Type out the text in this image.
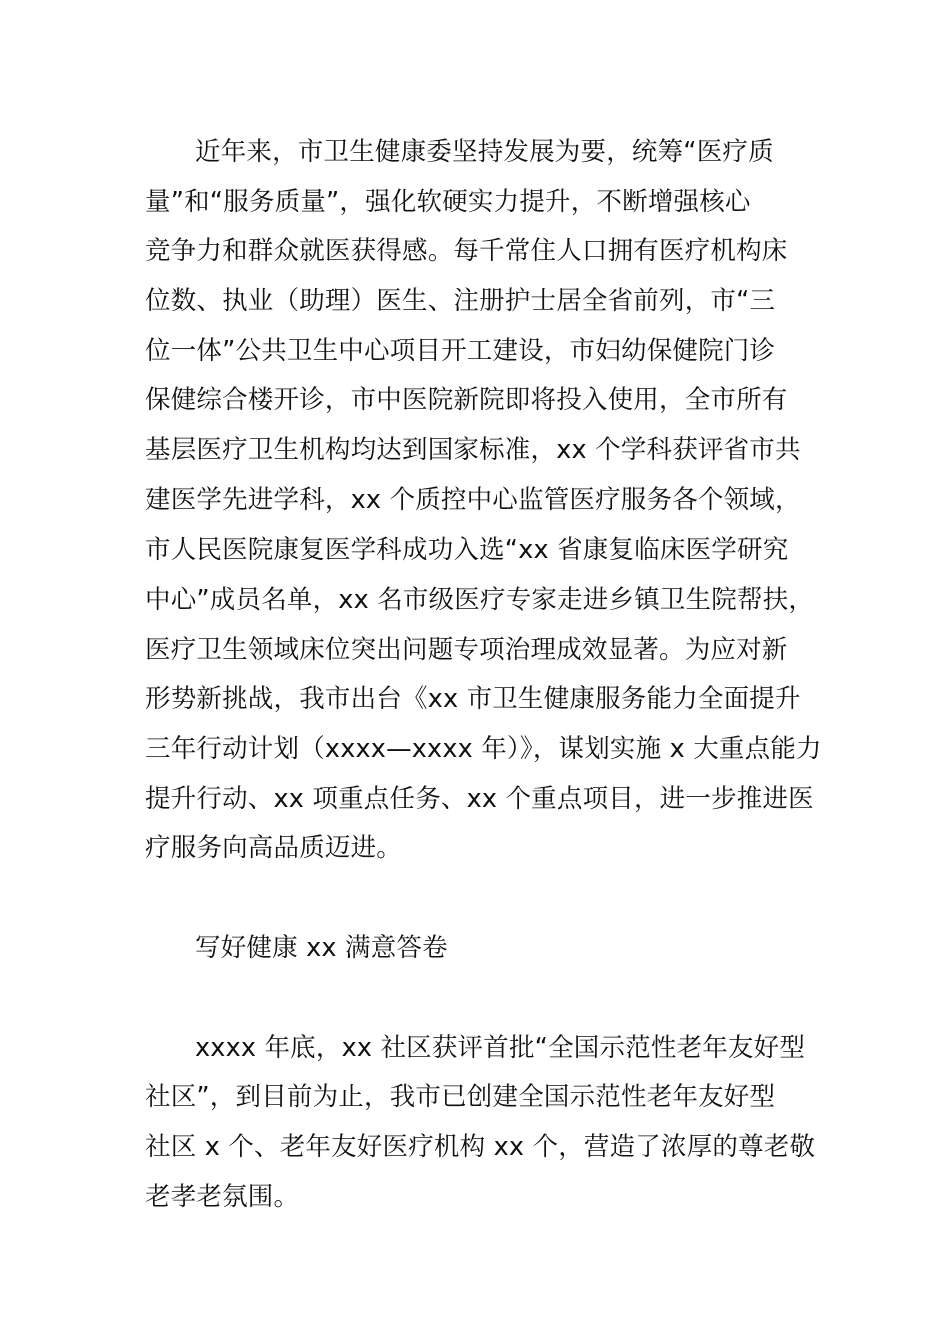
近年来，市卫生健康委坚持发展为要，统筹“医疗质
量”和“服务质量”，强化软硬实力提升，不断增强核心
竞争力和群众就医获得感。每千常住人口拥有医疗机构床
位数、执业（助理）医生、注册护士居全省前列，市“三
位一体”公共卫生中心项目开工建设，市妇幼保健院门诊
保健综合楼开诊，市中医院新院即将投入使用，全市所有
基层医疗卫生机构均达到国家标准，xx 个学科获评省市共
建医学先进学科，xx 个质控中心监管医疗服务各个领域，
市人民医院康复医学科成功入选“xx 省康复临床医学研究
中心”成员名单，xx 名市级医疗专家走进乡镇卫生院帮扶，
医疗卫生领域床位突出问题专项治理成效显著。为应对新
形势新挑战，我市出台《xx 市卫生健康服务能力全面提升
三年行动计划（xxxx—xxxx 年）》，谋划实施 x 大重点能力
提升行动、xx 项重点任务、xx 个重点项目，进一步推进医
疗服务向高品质迈进。
写好健康 xx 满意答卷
xxxx 年底，xx 社区获评首批“全国示范性老年友好型
社区”，到目前为止，我市已创建全国示范性老年友好型
社区 x 个、老年友好医疗机构 xx 个，营造了浓厚的尊老敬
老孝老氛围。
